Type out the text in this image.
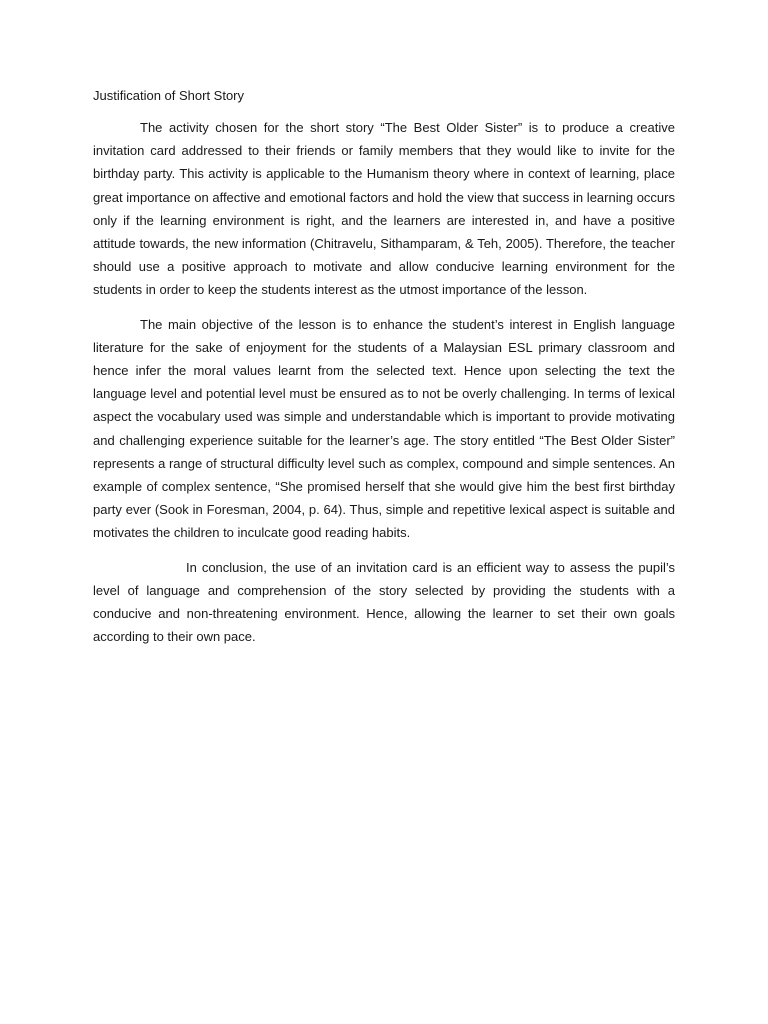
Justification of Short Story

The activity chosen for the short story “The Best Older Sister” is to produce a creative invitation card addressed to their friends or family members that they would like to invite for the birthday party. This activity is applicable to the Humanism theory where in context of learning, place great importance on affective and emotional factors and hold the view that success in learning occurs only if the learning environment is right, and the learners are interested in, and have a positive attitude towards, the new information (Chitravelu, Sithamparam, & Teh, 2005). Therefore, the teacher should use a positive approach to motivate and allow conducive learning environment for the students in order to keep the students interest as the utmost importance of the lesson.

The main objective of the lesson is to enhance the student’s interest in English language literature for the sake of enjoyment for the students of a Malaysian ESL primary classroom and hence infer the moral values learnt from the selected text. Hence upon selecting the text the language level and potential level must be ensured as to not be overly challenging. In terms of lexical aspect the vocabulary used was simple and understandable which is important to provide motivating and challenging experience suitable for the learner’s age. The story entitled “The Best Older Sister” represents a range of structural difficulty level such as complex, compound and simple sentences. An example of complex sentence, “She promised herself that she would give him the best first birthday party ever (Sook in Foresman, 2004, p. 64). Thus, simple and repetitive lexical aspect is suitable and motivates the children to inculcate good reading habits.

In conclusion, the use of an invitation card is an efficient way to assess the pupil’s level of language and comprehension of the story selected by providing the students with a conducive and non-threatening environment. Hence, allowing the learner to set their own goals according to their own pace.
